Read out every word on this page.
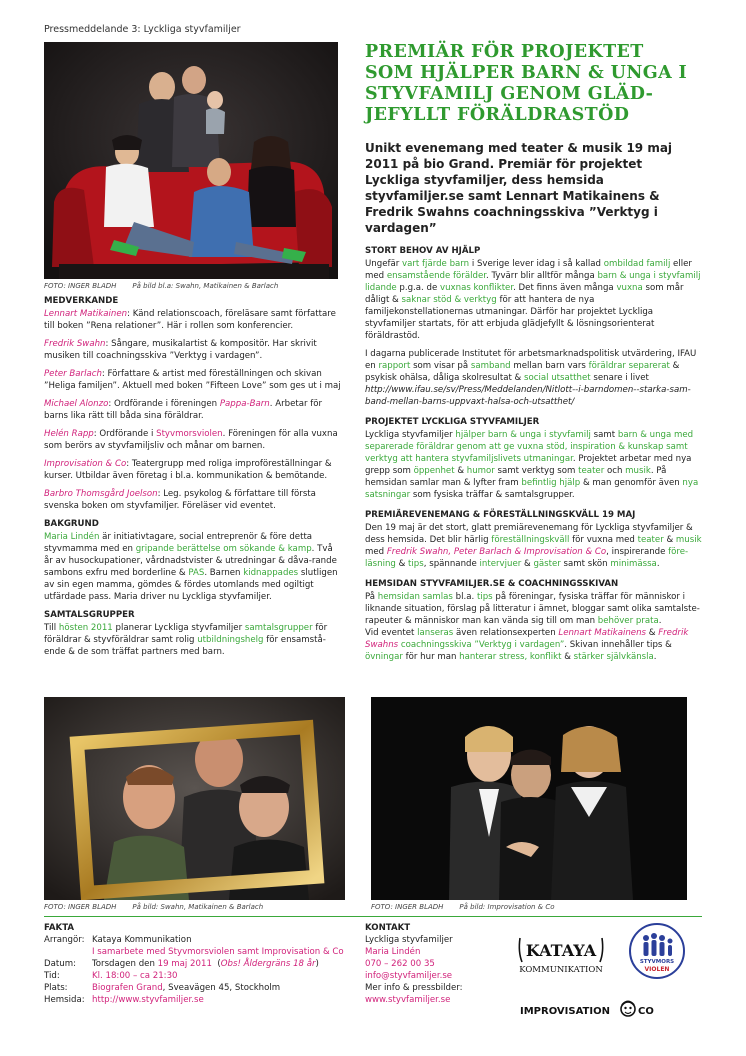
Pressmeddelande 3: Lyckliga styvfamiljer
FOTO: INGER BLADH På bild bl.a: Swahn, Matikainen & Barlach
MEDVERKANDE

Lennart Matikainen: Känd relationscoach, föreläsare samt författare till boken ”Rena relationer”. Här i rollen som konferencier.

Fredrik Swahn: Sångare, musikalartist & kompositör. Har skrivit musiken till coachningsskiva ”Verktyg i vardagen”.

Peter Barlach: Författare & artist med föreställningen och skivan ”Heliga familjen”. Aktuell med boken ”Fifteen Love” som ges ut i maj

Michael Alonzo: Ordförande i föreningen Pappa-Barn. Arbetar för barns lika rätt till båda sina föräldrar.

Helén Rapp: Ordförande i Styvmorsviolen. Föreningen för alla vuxna som berörs av styvfamiljsliv och månar om barnen.

Improvisation & Co: Teatergrupp med roliga improföreställningar & kurser. Utbildar även företag i bl.a. kommunikation & bemötande.

Barbro Thomsgård Joelson: Leg. psykolog & författare till första svenska boken om styvfamiljer. Föreläser vid eventet.

BAKGRUND

Maria Lindén är initiativtagare, social entreprenör & före detta styvmamma med en gripande berättelse om sökande & kamp. Två år av husockupationer, vårdnadstvister & utredningar & dåva-rande sambons exfru med borderline & PAS. Barnen kidnappades slutligen av sin egen mamma, gömdes & fördes utomlands med ogiltigt utfärdade pass. Maria driver nu Lyckliga styvfamiljer.

SAMTALSGRUPPER

Till hösten 2011 planerar Lyckliga styvfamiljer samtalsgrupper för föräldrar & styvföräldrar samt rolig utbildningshelg för ensamstå-ende & de som träffat partners med barn.

PREMIÄR FÖR PROJEKTET SOM HJÄLPER BARN & UNGA I STYVFAMILJ GENOM GLÄD-JEFYLLT FÖRÄLDRASTÖD
Unikt evenemang med teater & musik 19 maj 2011 på bio Grand. Premiär för projektet Lyckliga styvfamiljer, dess hemsida styvfamiljer.se samt Lennart Matikainens & Fredrik Swahns coachningsskiva ”Verktyg i vardagen”
STORT BEHOV AV HJÄLP

Ungefär vart fjärde barn i Sverige lever idag i så kallad ombildad familj eller med ensamstående förälder. Tyvärr blir alltför många barn & unga i styvfamilj lidande p.g.a. de vuxnas konflikter. Det finns även många vuxna som mår dåligt & saknar stöd & verktyg för att hantera de nya familjekonstellationernas utmaningar. Därför har projektet Lyckliga styvfamiljer startats, för att erbjuda glädjefyllt & lösningsorienterat föräldrastöd.

I dagarna publicerade Institutet för arbetsmarknadspolitisk utvärdering, IFAU en rapport som visar på samband mellan barn vars föräldrar separerat & psykisk ohälsa, dåliga skolresultat & social utsatthet senare i livet http://www.ifau.se/sv/Press/Meddelanden/Nitlott--i-barndomen--starka-sam-band-mellan-barns-uppvaxt-halsa-och-utsatthet/

PROJEKTET LYCKLIGA STYVFAMILJER

Lyckliga styvfamiljer hjälper barn & unga i styvfamilj samt barn & unga med separerade föräldrar genom att ge vuxna stöd, inspiration & kunskap samt verktyg att hantera styvfamiljslivets utmaningar. Projektet arbetar med nya grepp som öppenhet & humor samt verktyg som teater och musik. På hemsidan samlar man & lyfter fram befintlig hjälp & man genomför även nya satsningar som fysiska träffar & samtalsgrupper.

PREMIÄREVENEMANG & FÖRESTÄLLNINGSKVÄLL 19 MAJ

Den 19 maj är det stort, glatt premiärevenemang för Lyckliga styvfamiljer & dess hemsida. Det blir härlig föreställningskväll för vuxna med teater & musik med Fredrik Swahn, Peter Barlach & Improvisation & Co, inspirerande före-läsning & tips, spännande intervjuer & gäster samt skön minimässa.

HEMSIDAN STYVFAMILJER.SE & COACHNINGSSKIVAN

På hemsidan samlas bl.a. tips på föreningar, fysiska träffar för människor i liknande situation, förslag på litteratur i ämnet, bloggar samt olika samtalste-rapeuter & människor man kan vända sig till om man behöver prata.

Vid eventet lanseras även relationsexperten Lennart Matikainens & Fredrik Swahns coachningsskiva ”Verktyg i vardagen”. Skivan innehåller tips & övningar för hur man hanterar stress, konflikt & stärker självkänsla.

FOTO: INGER BLADH På bild: Swahn, Matikainen & Barlach	FOTO: INGER BLADH På bild: Improvisation & Co
FAKTA
Arrangör: Kataya Kommunikation
I samarbete med Styvmorsviolen samt Improvisation & Co
Datum:	Torsdagen den 19 maj 2011  (Obs! Åldergräns 18 år)
Tid:	Kl. 18:00 – ca 21:30
Plats:	Biografen Grand, Sveavägen 45, Stockholm
Hemsida: http://www.styvfamiljer.se
KONTAKT
Lyckliga styvfamiljer
Maria Lindén
070 – 262 00 35
info@styvfamiljer.se
Mer info & pressbilder:
www.styvfamiljer.se
KATAYA
KOMMUNIKATION
STYVMORS
VIOLEN
IMPROVISATION	CO
